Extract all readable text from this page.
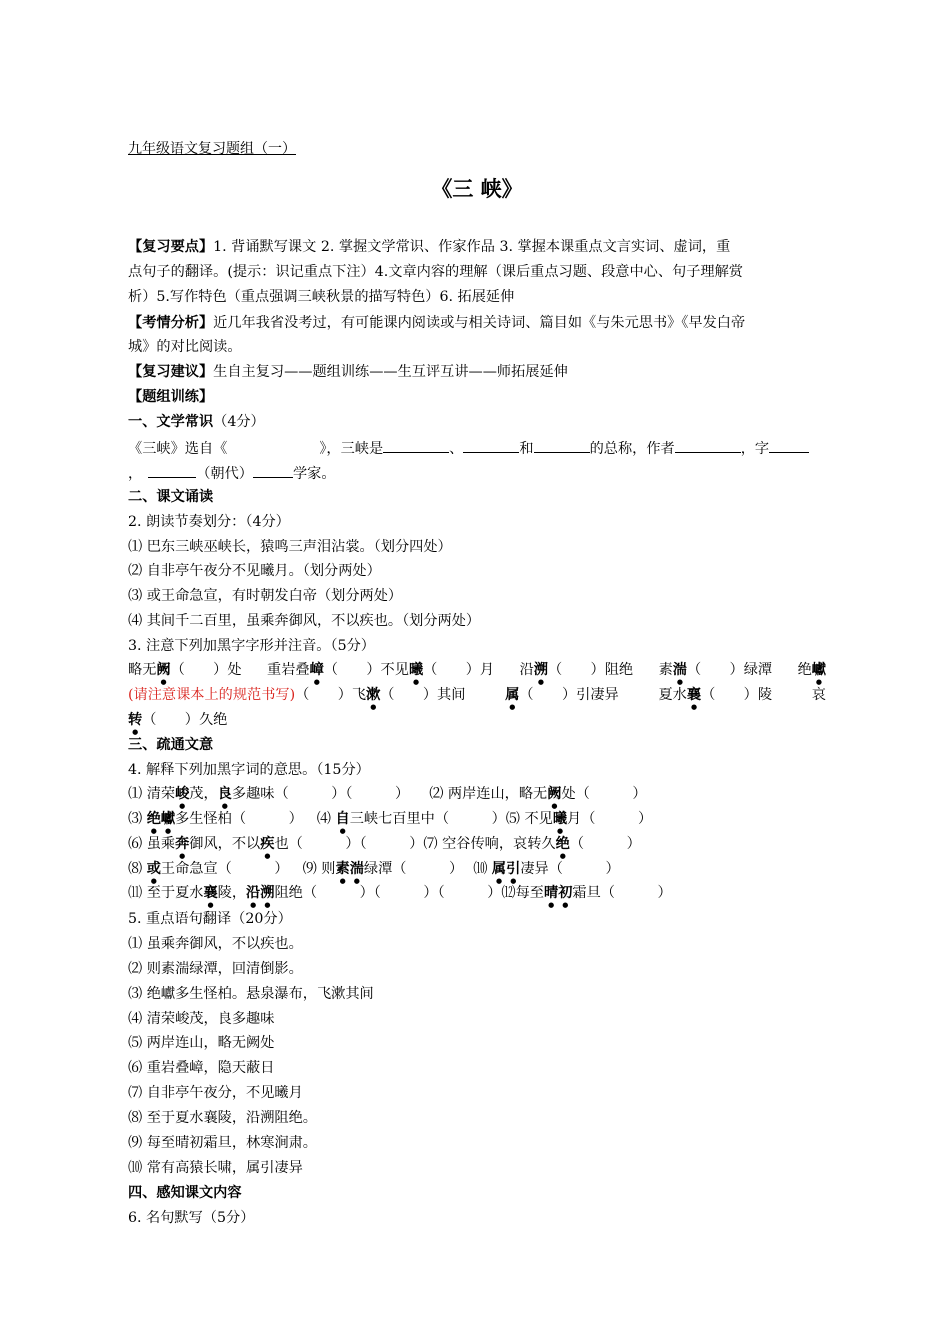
九年级语文复习题组（一）
《三 峡》
【复习要点】1. 背诵默写课文 2. 掌握文学常识、作家作品 3. 掌握本课重点文言实词、虚词，重
点句子的翻译。(提示：识记重点下注）4.文章内容的理解（课后重点习题、段意中心、句子理解赏
析）5.写作特色（重点强调三峡秋景的描写特色）6. 拓展延伸
【考情分析】近几年我省没考过，有可能课内阅读或与相关诗词、篇目如《与朱元思书》《早发白帝
城》的对比阅读。
【复习建议】生自主复习——题组训练——生互评互讲——师拓展延伸
【题组训练】
一、文学常识（4分）
《三峡》选自《	》，三峡是	、	和	的总称，作者	，字
，	（朝代）	学家。
二、课文诵读
2. 朗读节奏划分：（4分）
⑴ 巴东三峡巫峡长，猿鸣三声泪沾裳。（划分四处）
⑵ 自非亭午夜分不见曦月。（划分两处）
⑶ 或王命急宣，有时朝发白帝（划分两处）
⑷ 其间千二百里，虽乘奔御风，不以疾也。（划分两处）
3. 注意下列加黑字字形并注音。（5分）
略无阙（　　）处 重岩叠嶂（　　）不见曦（　　）月 沿溯（　　）阻绝 素湍（　　）绿潭 绝巘
(请注意课本上的规范书写)（　　）飞漱（　　）其间	属（　　）引凄异	夏水襄（　　）陵	哀
转（　　）久绝
三、疏通文意
4. 解释下列加黑字词的意思。（15分）
⑴ 清荣峻茂，良多趣味（　　　）（　　　） ⑵ 两岸连山，略无阙处（　　　）
⑶ 绝巘多生怪柏（　　　） ⑷ 自三峡七百里中（　　　）⑸ 不见曦月（　　　）
⑹ 虽乘奔御风，不以疾也（　　　）（　　　）⑺ 空谷传响，哀转久绝（　　　）
⑻ 或王命急宣（　　　） ⑼ 则素湍绿潭（　　　） ⑽ 属引凄异（　　　）
⑾ 至于夏水襄陵，沿溯阻绝（　　　）（　　　）（　　　）⑿每至晴初霜旦（　　　）
5. 重点语句翻译（20分）
⑴ 虽乘奔御风，不以疾也。
⑵ 则素湍绿潭，回清倒影。
⑶ 绝巘多生怪柏。悬泉瀑布，飞漱其间
⑷ 清荣峻茂，良多趣味
⑸ 两岸连山，略无阙处
⑹ 重岩叠嶂，隐天蔽日
⑺ 自非亭午夜分，不见曦月
⑻ 至于夏水襄陵，沿溯阻绝。
⑼ 每至晴初霜旦，林寒涧肃。
⑽ 常有高猿长啸，属引凄异
四、感知课文内容
6. 名句默写（5分）
